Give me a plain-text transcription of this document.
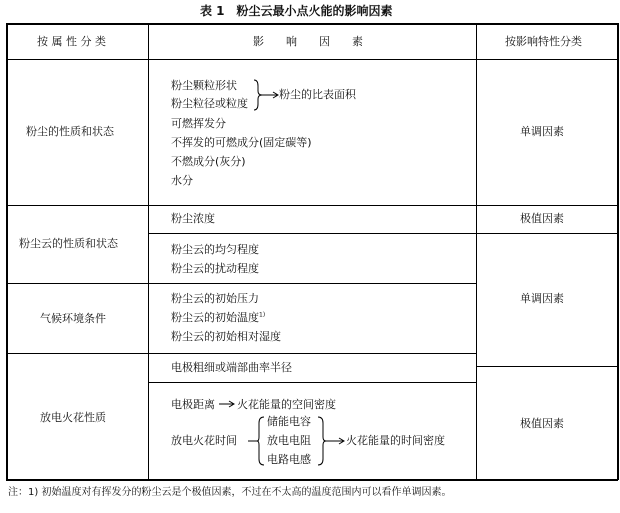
表 1　粉尘云最小点火能的影响因素
按 属 性 分 类	影　　响　　因　　素	按影响特性分类
粉尘的性质和状态
粉尘颗粒形状
粉尘粒径或粒度
粉尘的比表面积
可燃挥发分
不挥发的可燃成分(固定碳等)
不燃成分(灰分)
水分
单调因素
粉尘云的性质和状态
粉尘浓度
粉尘云的均匀程度
粉尘云的扰动程度
极值因素
气候环境条件
粉尘云的初始压力
粉尘云的初始温度$^{1)}$
粉尘云的初始相对湿度
单调因素
放电火花性质
电极粗细或端部曲率半径
电极距离 火花能量的空间密度
放电火花时间
储能电容
放电电阻
电路电感
火花能量的时间密度
极值因素
注：1) 初始温度对有挥发分的粉尘云是个极值因素，不过在不太高的温度范围内可以看作单调因素。
